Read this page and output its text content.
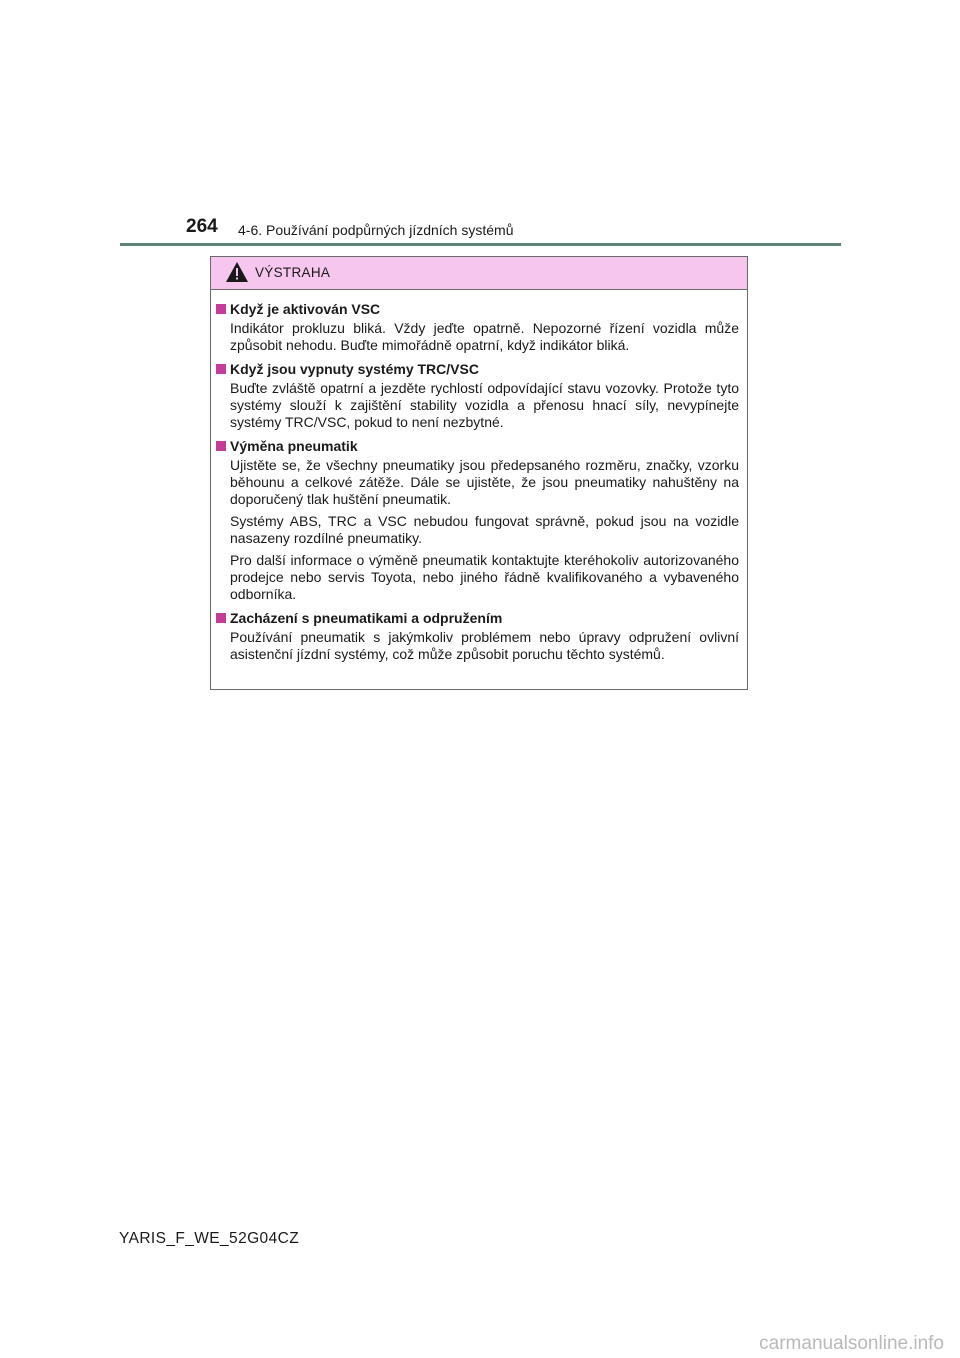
264 4-6. Používání podpůrných jízdních systémů
VÝSTRAHA
Když je aktivován VSC
Indikátor prokluzu bliká. Vždy jeďte opatrně. Nepozorné řízení vozidla může způsobit nehodu. Buďte mimořádně opatrní, když indikátor bliká.
Když jsou vypnuty systémy TRC/VSC
Buďte zvláště opatrní a jezděte rychlostí odpovídající stavu vozovky. Protože tyto systémy slouží k zajištění stability vozidla a přenosu hnací síly, nevypínejte systémy TRC/VSC, pokud to není nezbytné.
Výměna pneumatik
Ujistěte se, že všechny pneumatiky jsou předepsaného rozměru, značky, vzorku běhounu a celkové zátěže. Dále se ujistěte, že jsou pneumatiky nahuštěny na doporučený tlak huštění pneumatik.
Systémy ABS, TRC a VSC nebudou fungovat správně, pokud jsou na vozidle nasazeny rozdílné pneumatiky.
Pro další informace o výměně pneumatik kontaktujte kteréhokoliv autorizovaného prodejce nebo servis Toyota, nebo jiného řádně kvalifikovaného a vybaveného odborníka.
Zacházení s pneumatikami a odpružením
Používání pneumatik s jakýmkoliv problémem nebo úpravy odpružení ovlivní asistenční jízdní systémy, což může způsobit poruchu těchto systémů.
YARIS_F_WE_52G04CZ
carmanualsonline.info
